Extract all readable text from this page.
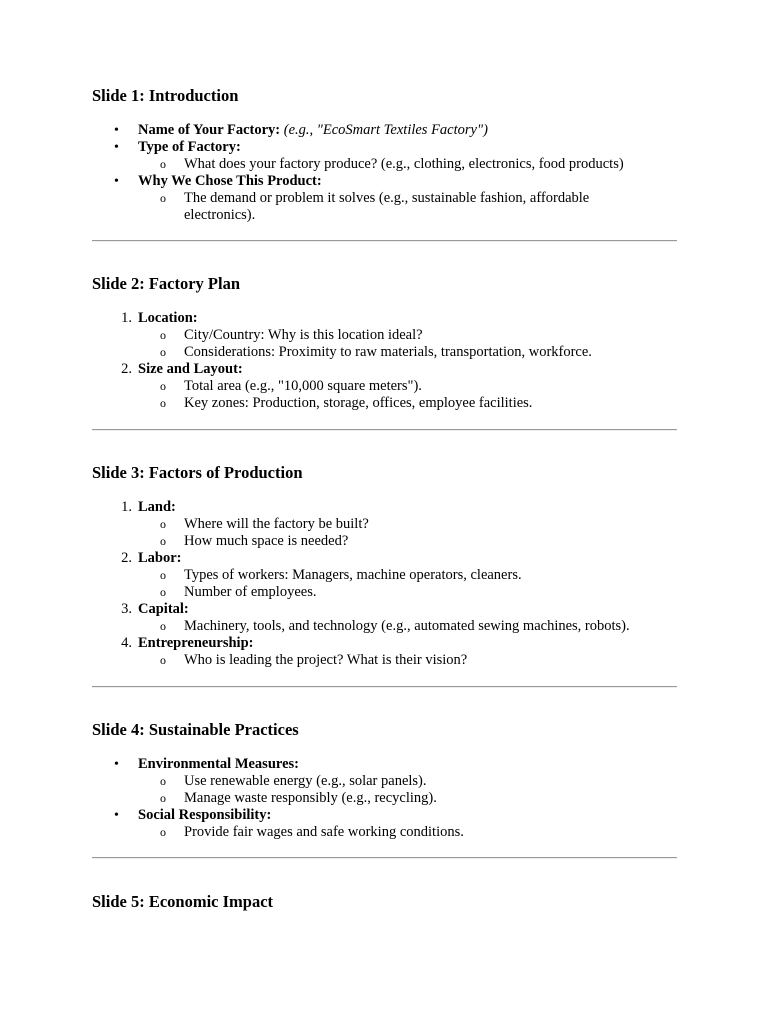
Slide 1: Introduction
• Name of Your Factory: (e.g., "EcoSmart Textiles Factory")
• Type of Factory:
o What does your factory produce? (e.g., clothing, electronics, food products)
• Why We Chose This Product:
o The demand or problem it solves (e.g., sustainable fashion, affordable electronics).
Slide 2: Factory Plan
1. Location:
o City/Country: Why is this location ideal?
o Considerations: Proximity to raw materials, transportation, workforce.
2. Size and Layout:
o Total area (e.g., "10,000 square meters").
o Key zones: Production, storage, offices, employee facilities.
Slide 3: Factors of Production
1. Land:
o Where will the factory be built?
o How much space is needed?
2. Labor:
o Types of workers: Managers, machine operators, cleaners.
o Number of employees.
3. Capital:
o Machinery, tools, and technology (e.g., automated sewing machines, robots).
4. Entrepreneurship:
o Who is leading the project? What is their vision?
Slide 4: Sustainable Practices
• Environmental Measures:
o Use renewable energy (e.g., solar panels).
o Manage waste responsibly (e.g., recycling).
• Social Responsibility:
o Provide fair wages and safe working conditions.
Slide 5: Economic Impact
